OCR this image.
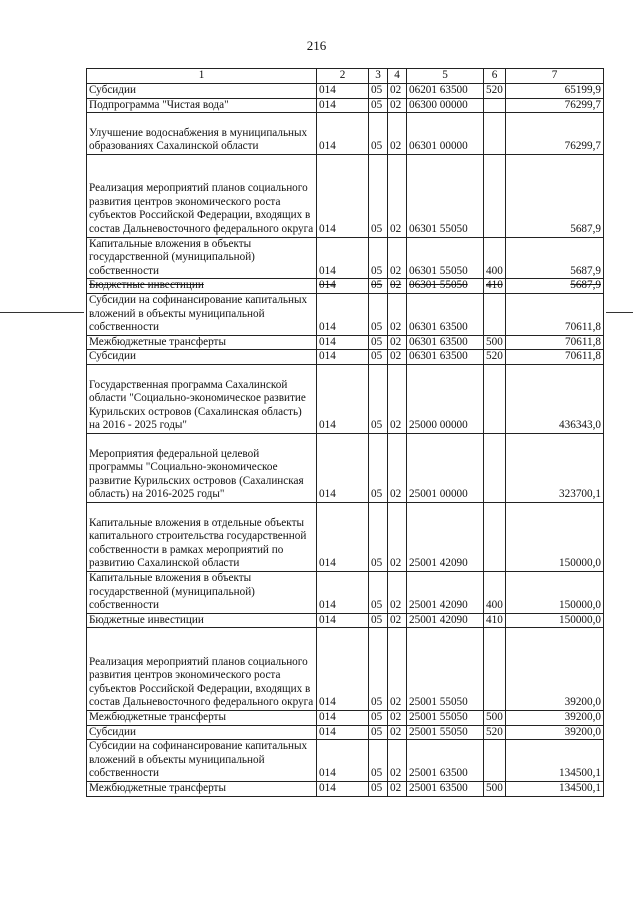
216
1	2	3	4	5	6	7

Субсидии	014	05	02	06201 63500	520	65199,9

Подпрограмма "Чистая вода"	014	05	02	06300 00000		76299,7

Улучшение водоснабжения в муниципальных образованиях Сахалинской области	014	05	02	06301 00000		76299,7

Реализация мероприятий планов социального развития центров экономического роста субъектов Российской Федерации, входящих в состав Дальневосточного федерального округа	014	05	02	06301 55050		5687,9

Капитальные вложения в объекты государственной (муниципальной) собственности	014	05	02	06301 55050	400	5687,9

Бюджетные инвестиции	014	05	02	06301 55050	410	5687,9

Субсидии на софинансирование капитальных вложений в объекты муниципальной собственности	014	05	02	06301 63500		70611,8

Межбюджетные трансферты	014	05	02	06301 63500	500	70611,8

Субсидии	014	05	02	06301 63500	520	70611,8

Государственная программа Сахалинской области "Социально-экономическое развитие Курильских островов (Сахалинская область) на 2016 - 2025 годы"	014	05	02	25000 00000		436343,0

Мероприятия федеральной целевой программы "Социально-экономическое развитие Курильских островов (Сахалинская область) на 2016-2025 годы"	014	05	02	25001 00000		323700,1

Капитальные вложения в отдельные объекты капитального строительства государственной собственности в рамках мероприятий по развитию Сахалинской области	014	05	02	25001 42090		150000,0

Капитальные вложения в объекты государственной (муниципальной) собственности	014	05	02	25001 42090	400	150000,0

Бюджетные инвестиции	014	05	02	25001 42090	410	150000,0

Реализация мероприятий планов социального развития центров экономического роста субъектов Российской Федерации, входящих в состав Дальневосточного федерального округа	014	05	02	25001 55050		39200,0

Межбюджетные трансферты	014	05	02	25001 55050	500	39200,0

Субсидии	014	05	02	25001 55050	520	39200,0

Субсидии на софинансирование капитальных вложений в объекты муниципальной собственности	014	05	02	25001 63500		134500,1

Межбюджетные трансферты	014	05	02	25001 63500	500	134500,1
